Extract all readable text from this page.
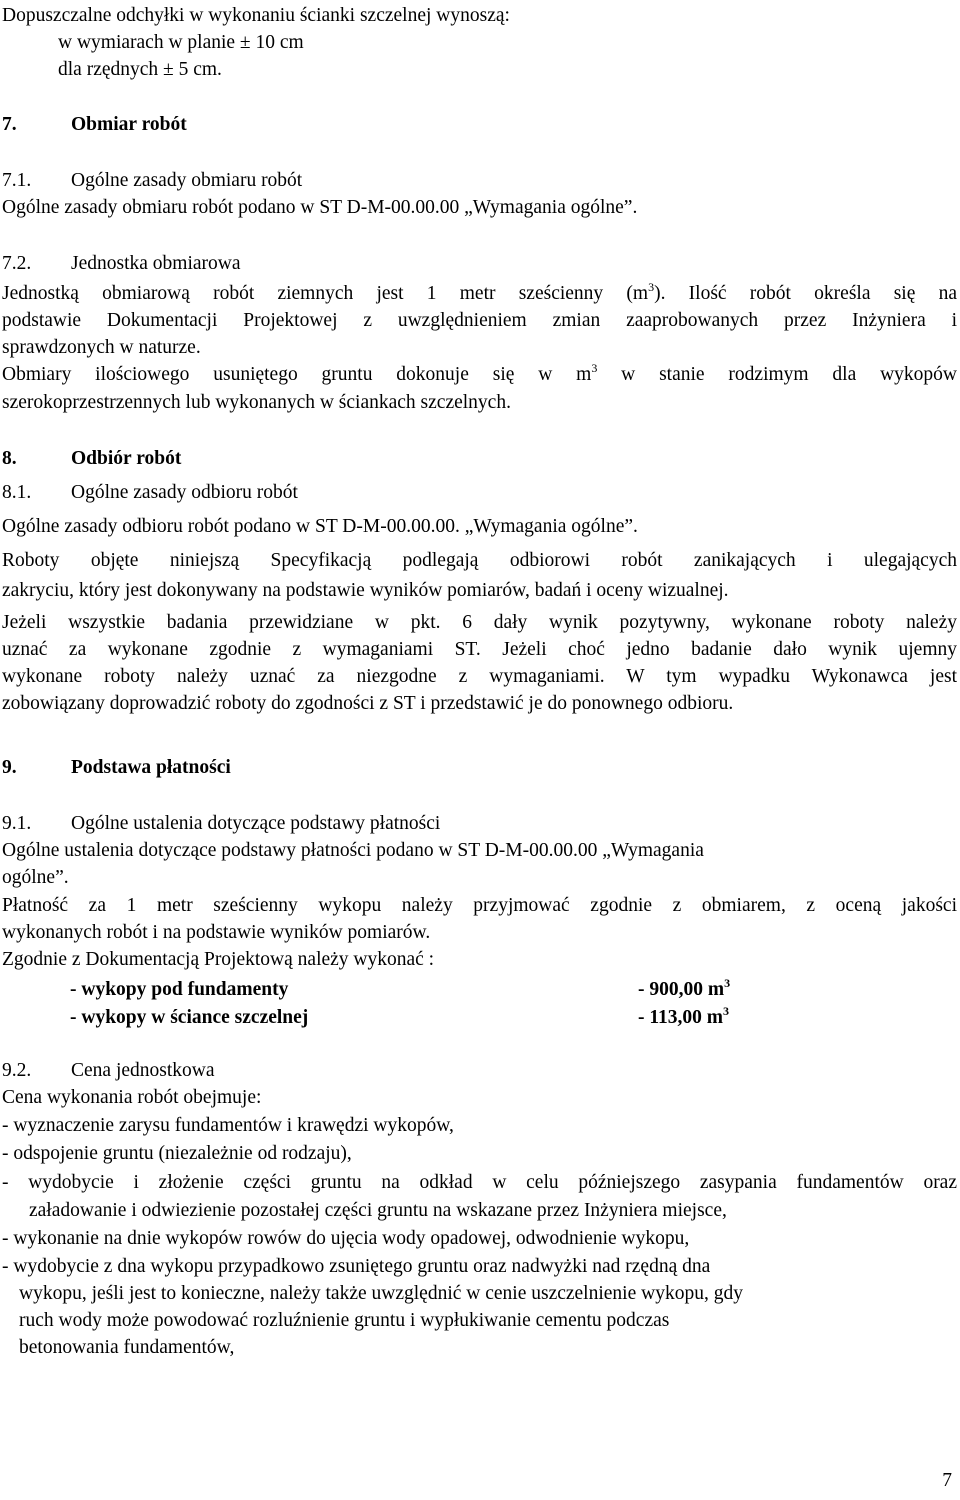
Dopuszczalne odchyłki w wykonaniu ścianki szczelnej wynoszą:
w wymiarach w planie ± 10 cm
dla rzędnych ± 5 cm.
7.	Obmiar robót
7.1. Ogólne zasady obmiaru robót
Ogólne zasady obmiaru robót podano w ST D-M-00.00.00 „Wymagania ogólne”.
7.2. Jednostka obmiarowa
Jednostką obmiarową robót ziemnych jest 1 metr sześcienny $(m^3)$. Ilość robót określa się na
podstawie Dokumentacji Projektowej z uwzględnieniem zmian zaaprobowanych przez Inżyniera i
sprawdzonych w naturze.
Obmiary ilościowego usuniętego gruntu dokonuje się w $m^3$ w stanie rodzimym dla wykopów
szerokoprzestrzennych lub wykonanych w ściankach szczelnych.
8.	Odbiór robót
8.1. Ogólne zasady odbioru robót
Ogólne zasady odbioru robót podano w ST D-M-00.00.00. „Wymagania ogólne”.
Roboty objęte niniejszą Specyfikacją podlegają odbiorowi robót zanikających i ulegających
zakryciu, który jest dokonywany na podstawie wyników pomiarów, badań i oceny wizualnej.
Jeżeli wszystkie badania przewidziane w pkt. 6 dały wynik pozytywny, wykonane roboty należy
uznać za wykonane zgodnie z wymaganiami ST. Jeżeli choć jedno badanie dało wynik ujemny
wykonane roboty należy uznać za niezgodne z wymaganiami. W tym wypadku Wykonawca jest
zobowiązany doprowadzić roboty do zgodności z ST i przedstawić je do ponownego odbioru.
9.	Podstawa płatności
9.1. Ogólne ustalenia dotyczące podstawy płatności
Ogólne ustalenia dotyczące podstawy płatności podano w ST D-M-00.00.00 „Wymagania
ogólne”.
Płatność za 1 metr sześcienny wykopu należy przyjmować zgodnie z obmiarem, z oceną jakości
wykonanych robót i na podstawie wyników pomiarów.
Zgodnie z Dokumentacją Projektową należy wykonać :
- wykopy pod fundamenty	- 900,00 $m^3$
- wykopy w ściance szczelnej	- 113,00 $m^3$
9.2. Cena jednostkowa
Cena wykonania robót obejmuje:
- wyznaczenie zarysu fundamentów i krawędzi wykopów,
- odspojenie gruntu (niezależnie od rodzaju),
- wydobycie i złożenie części gruntu na odkład w celu późniejszego zasypania fundamentów oraz
załadowanie i odwiezienie pozostałej części gruntu na wskazane przez Inżyniera miejsce,
- wykonanie na dnie wykopów rowów do ujęcia wody opadowej, odwodnienie wykopu,
- wydobycie z dna wykopu przypadkowo zsuniętego gruntu oraz nadwyżki nad rzędną dna
wykopu, jeśli jest to konieczne, należy także uwzględnić w cenie uszczelnienie wykopu, gdy
ruch wody może powodować rozluźnienie gruntu i wypłukiwanie cementu podczas
betonowania fundamentów,
7
